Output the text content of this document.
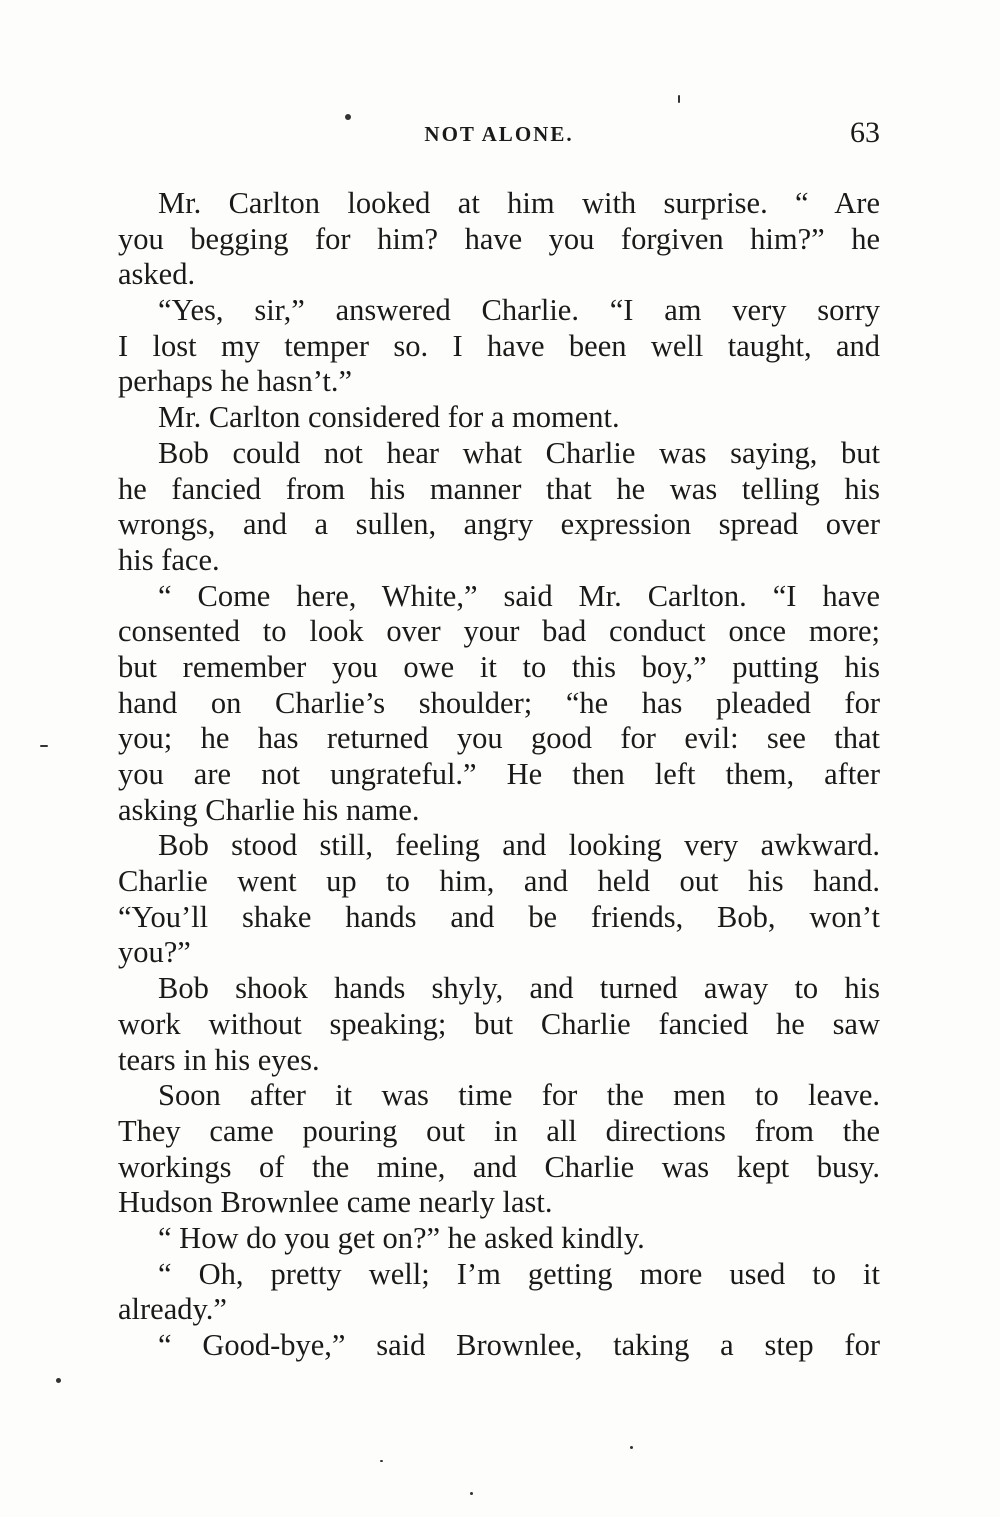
NOT ALONE.	63
Mr. Carlton looked at him with surprise. “ Are
you begging for him? have you forgiven him?” he
asked.
“Yes, sir,” answered Charlie. “I am very sorry
I lost my temper so. I have been well taught, and
perhaps he hasn’t.”
Mr. Carlton considered for a moment.
Bob could not hear what Charlie was saying, but
he fancied from his manner that he was telling his
wrongs, and a sullen, angry expression spread over
his face.
“ Come here, White,” said Mr. Carlton. “I have
consented to look over your bad conduct once more;
but remember you owe it to this boy,” putting his
hand on Charlie’s shoulder; “he has pleaded for
you; he has returned you good for evil: see that
you are not ungrateful.” He then left them, after
asking Charlie his name.
Bob stood still, feeling and looking very awkward.
Charlie went up to him, and held out his hand.
“You’ll shake hands and be friends, Bob, won’t
you?”
Bob shook hands shyly, and turned away to his
work without speaking; but Charlie fancied he saw
tears in his eyes.
Soon after it was time for the men to leave.
They came pouring out in all directions from the
workings of the mine, and Charlie was kept busy.
Hudson Brownlee came nearly last.
“ How do you get on?” he asked kindly.
“ Oh, pretty well; I’m getting more used to it
already.”
“ Good-bye,” said Brownlee, taking a step for
